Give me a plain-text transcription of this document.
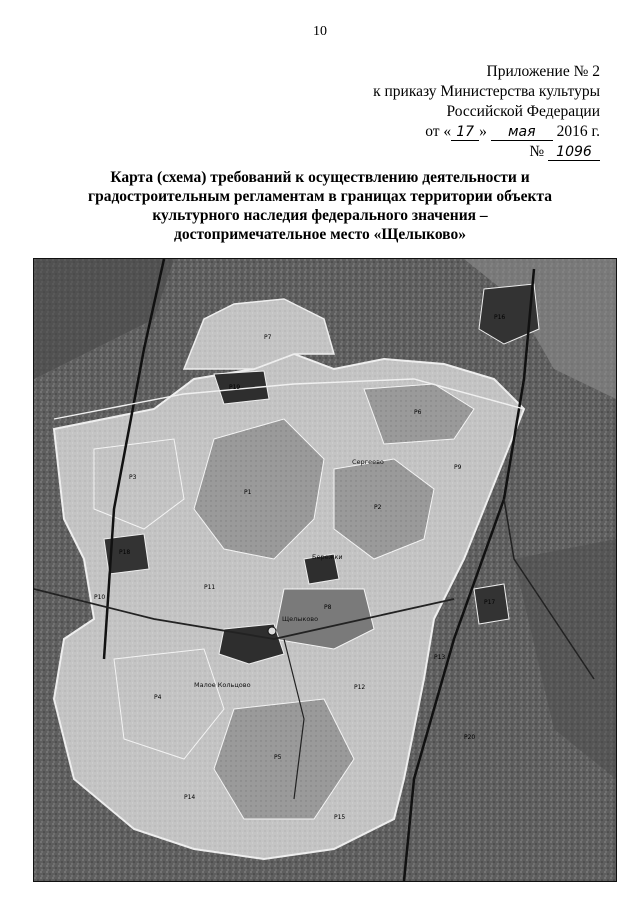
10
Приложение № 2
к приказу Министерства культуры
Российской Федерации
от « 17 » мая 2016 г.
№ 1096
Карта (схема) требований к осуществлению деятельности и
градостроительным регламентам в границах территории объекта
культурного наследия федерального значения –
достопримечательное место «Щелыково»
Сергеево
Щелыково
Малое Кольцово
Бережки
P1
P2
P3
P4
P5
P6
P7
P8
P9
P10
P11
P12
P13
P14
P15
P16
P17
P18
P19
P20
